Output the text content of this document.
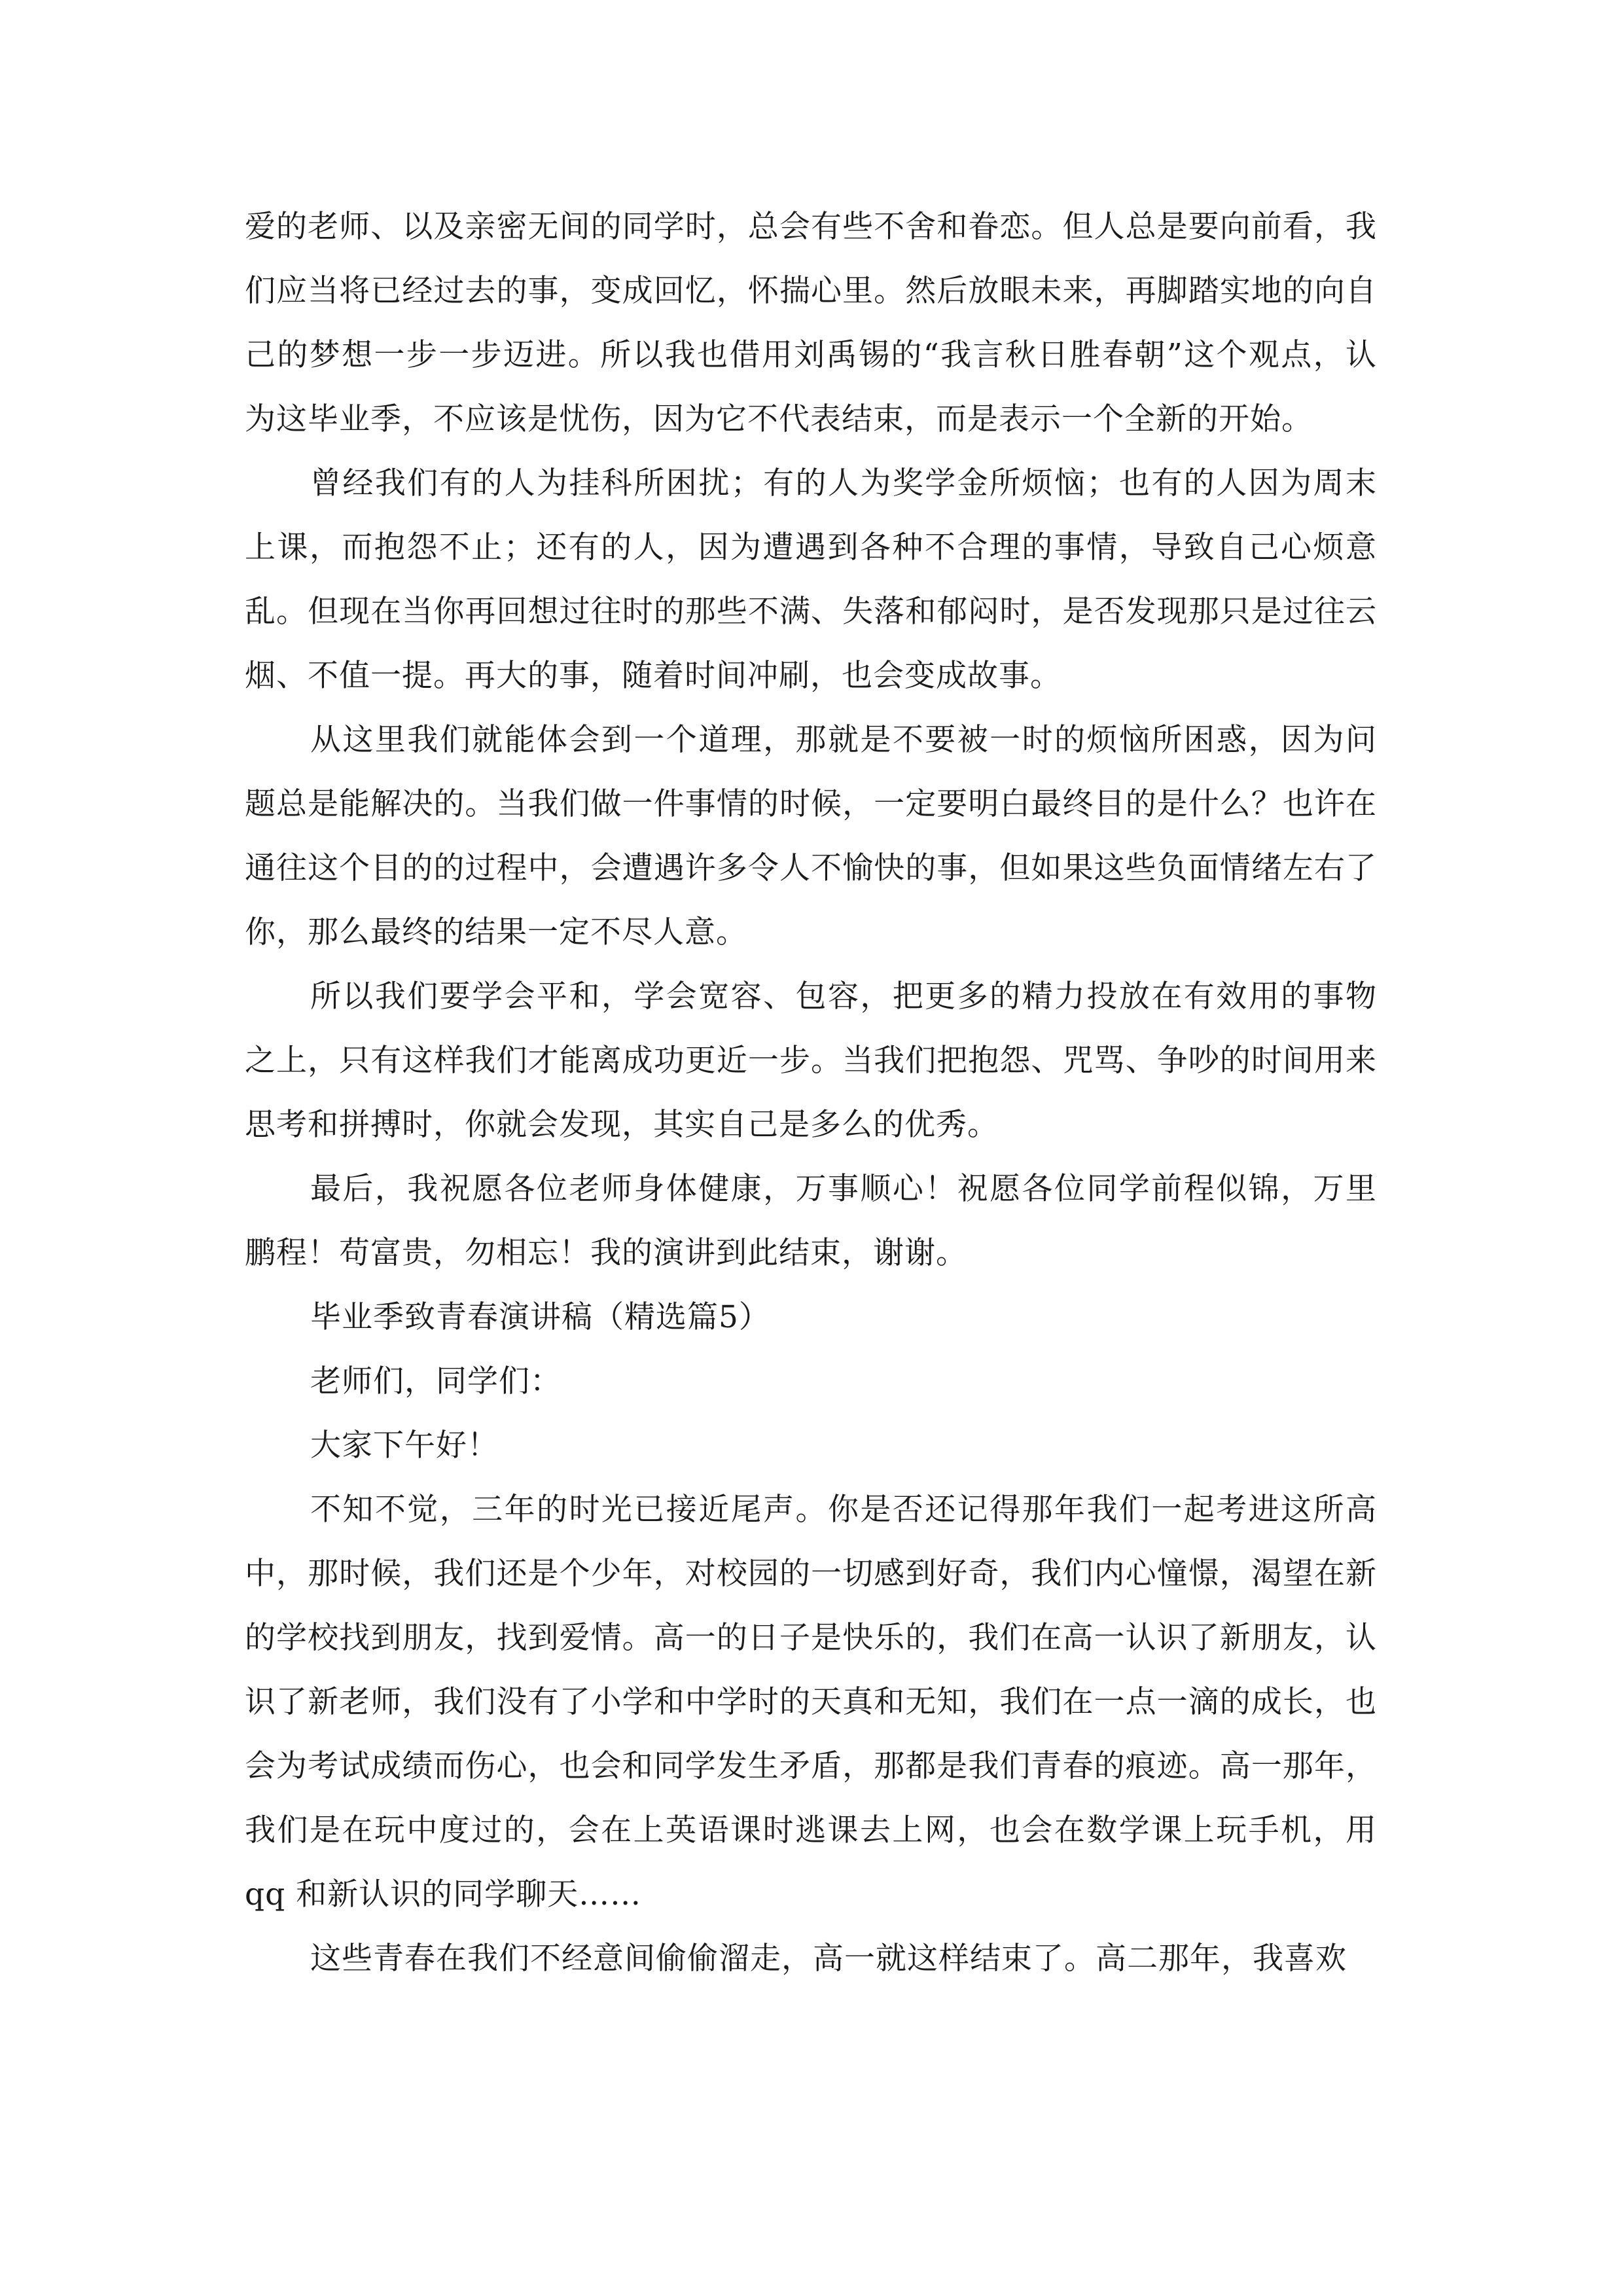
爱的老师、以及亲密无间的同学时，总会有些不舍和眷恋。但人总是要向前看，我们应当将已经过去的事，变成回忆，怀揣心里。然后放眼未来，再脚踏实地的向自己的梦想一步一步迈进。所以我也借用刘禹锡的“我言秋日胜春朝”这个观点，认为这毕业季，不应该是忧伤，因为它不代表结束，而是表示一个全新的开始。

曾经我们有的人为挂科所困扰；有的人为奖学金所烦恼；也有的人因为周末上课，而抱怨不止；还有的人，因为遭遇到各种不合理的事情，导致自己心烦意乱。但现在当你再回想过往时的那些不满、失落和郁闷时，是否发现那只是过往云烟、不值一提。再大的事，随着时间冲刷，也会变成故事。

从这里我们就能体会到一个道理，那就是不要被一时的烦恼所困惑，因为问题总是能解决的。当我们做一件事情的时候，一定要明白最终目的是什么？也许在通往这个目的的过程中，会遭遇许多令人不愉快的事，但如果这些负面情绪左右了你，那么最终的结果一定不尽人意。

所以我们要学会平和，学会宽容、包容，把更多的精力投放在有效用的事物之上，只有这样我们才能离成功更近一步。当我们把抱怨、咒骂、争吵的时间用来思考和拼搏时，你就会发现，其实自己是多么的优秀。

最后，我祝愿各位老师身体健康，万事顺心！祝愿各位同学前程似锦，万里鹏程！苟富贵，勿相忘！我的演讲到此结束，谢谢。

毕业季致青春演讲稿（精选篇5）

老师们，同学们：

大家下午好！

不知不觉，三年的时光已接近尾声。你是否还记得那年我们一起考进这所高中，那时候，我们还是个少年，对校园的一切感到好奇，我们内心憧憬，渴望在新的学校找到朋友，找到爱情。高一的日子是快乐的，我们在高一认识了新朋友，认识了新老师，我们没有了小学和中学时的天真和无知，我们在一点一滴的成长，也会为考试成绩而伤心，也会和同学发生矛盾，那都是我们青春的痕迹。高一那年，我们是在玩中度过的，会在上英语课时逃课去上网，也会在数学课上玩手机，用 qq 和新认识的同学聊天……

这些青春在我们不经意间偷偷溜走，高一就这样结束了。高二那年，我喜欢
